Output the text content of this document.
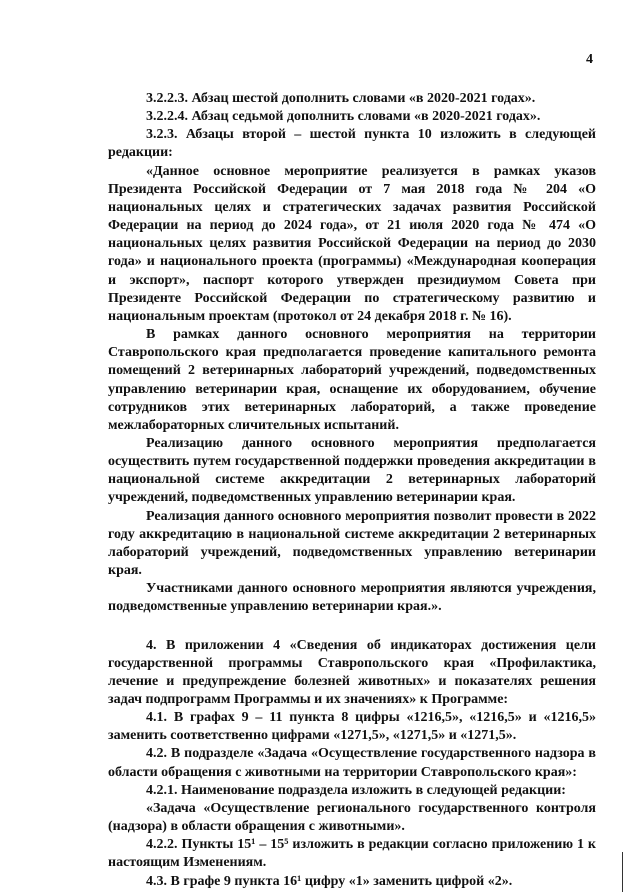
4

3.2.2.3. Абзац шестой дополнить словами «в 2020-2021 годах».

3.2.2.4. Абзац седьмой дополнить словами «в 2020-2021 годах».

3.2.3. Абзацы второй – шестой пункта 10 изложить в следующей редакции:

«Данное основное мероприятие реализуется в рамках указов Президента Российской Федерации от 7 мая 2018 года № 204 «О национальных целях и стратегических задачах развития Российской Федерации на период до 2024 года», от 21 июля 2020 года № 474 «О национальных целях развития Российской Федерации на период до 2030 года» и национального проекта (программы) «Международная кооперация и экспорт», паспорт которого утвержден президиумом Совета при Президенте Российской Федерации по стратегическому развитию и национальным проектам (протокол от 24 декабря 2018 г. № 16).

В рамках данного основного мероприятия на территории Ставропольского края предполагается проведение капитального ремонта помещений 2 ветеринарных лабораторий учреждений, подведомственных управлению ветеринарии края, оснащение их оборудованием, обучение сотрудников этих ветеринарных лабораторий, а также проведение межлабораторных сличительных испытаний.

Реализацию данного основного мероприятия предполагается осуществить путем государственной поддержки проведения аккредитации в национальной системе аккредитации 2 ветеринарных лабораторий учреждений, подведомственных управлению ветеринарии края.

Реализация данного основного мероприятия позволит провести в 2022 году аккредитацию в национальной системе аккредитации 2 ветеринарных лабораторий учреждений, подведомственных управлению ветеринарии края.

Участниками данного основного мероприятия являются учреждения, подведомственные управлению ветеринарии края.».

4. В приложении 4 «Сведения об индикаторах достижения цели государственной программы Ставропольского края «Профилактика, лечение и предупреждение болезней животных» и показателях решения задач подпрограмм Программы и их значениях» к Программе:

4.1. В графах 9 – 11 пункта 8 цифры «1216,5», «1216,5» и «1216,5» заменить соответственно цифрами «1271,5», «1271,5» и «1271,5».

4.2. В подразделе «Задача «Осуществление государственного надзора в области обращения с животными на территории Ставропольского края»:

4.2.1. Наименование подраздела изложить в следующей редакции:

«Задача «Осуществление регионального государственного контроля (надзора) в области обращения с животными».

4.2.2. Пункты 15¹ – 15⁵ изложить в редакции согласно приложению 1 к настоящим Изменениям.

4.3. В графе 9 пункта 16¹ цифру «1» заменить цифрой «2».
